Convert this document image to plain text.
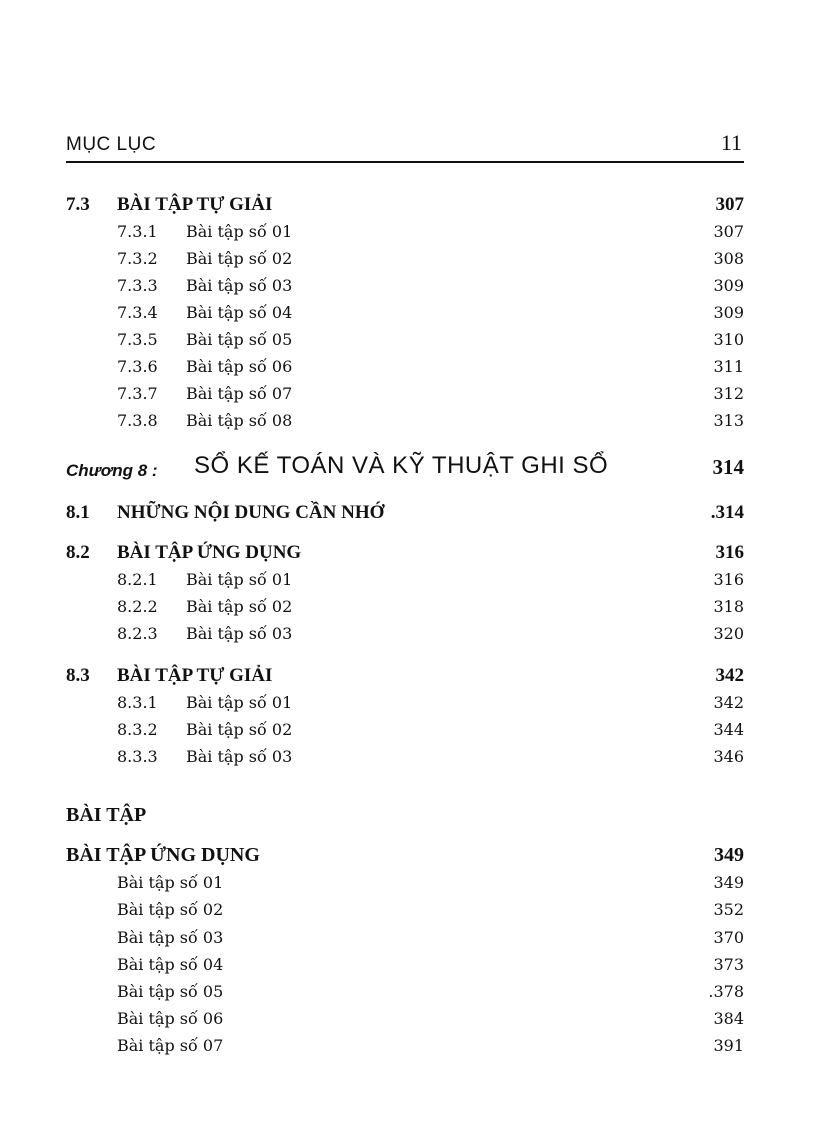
MỤC LỤC	11
7.3 BÀI TẬP TỰ GIẢI	307
7.3.1 Bài tập số 01	307
7.3.2 Bài tập số 02	308
7.3.3 Bài tập số 03	309
7.3.4 Bài tập số 04	309
7.3.5 Bài tập số 05	310
7.3.6 Bài tập số 06	311
7.3.7 Bài tập số 07	312
7.3.8 Bài tập số 08	313
Chương 8 : SỔ KẾ TOÁN VÀ KỸ THUẬT GHI SỔ	314
8.1 NHỮNG NỘI DUNG CẦN NHỚ	.314
8.2 BÀI TẬP ỨNG DỤNG	316
8.2.1 Bài tập số 01	316
8.2.2 Bài tập số 02	318
8.2.3 Bài tập số 03	320
8.3 BÀI TẬP TỰ GIẢI	342
8.3.1 Bài tập số 01	342
8.3.2 Bài tập số 02	344
8.3.3 Bài tập số 03	346
BÀI TẬP
BÀI TẬP ỨNG DỤNG	349
Bài tập số 01	349
Bài tập số 02	352
Bài tập số 03	370
Bài tập số 04	373
Bài tập số 05	.378
Bài tập số 06	384
Bài tập số 07	391
